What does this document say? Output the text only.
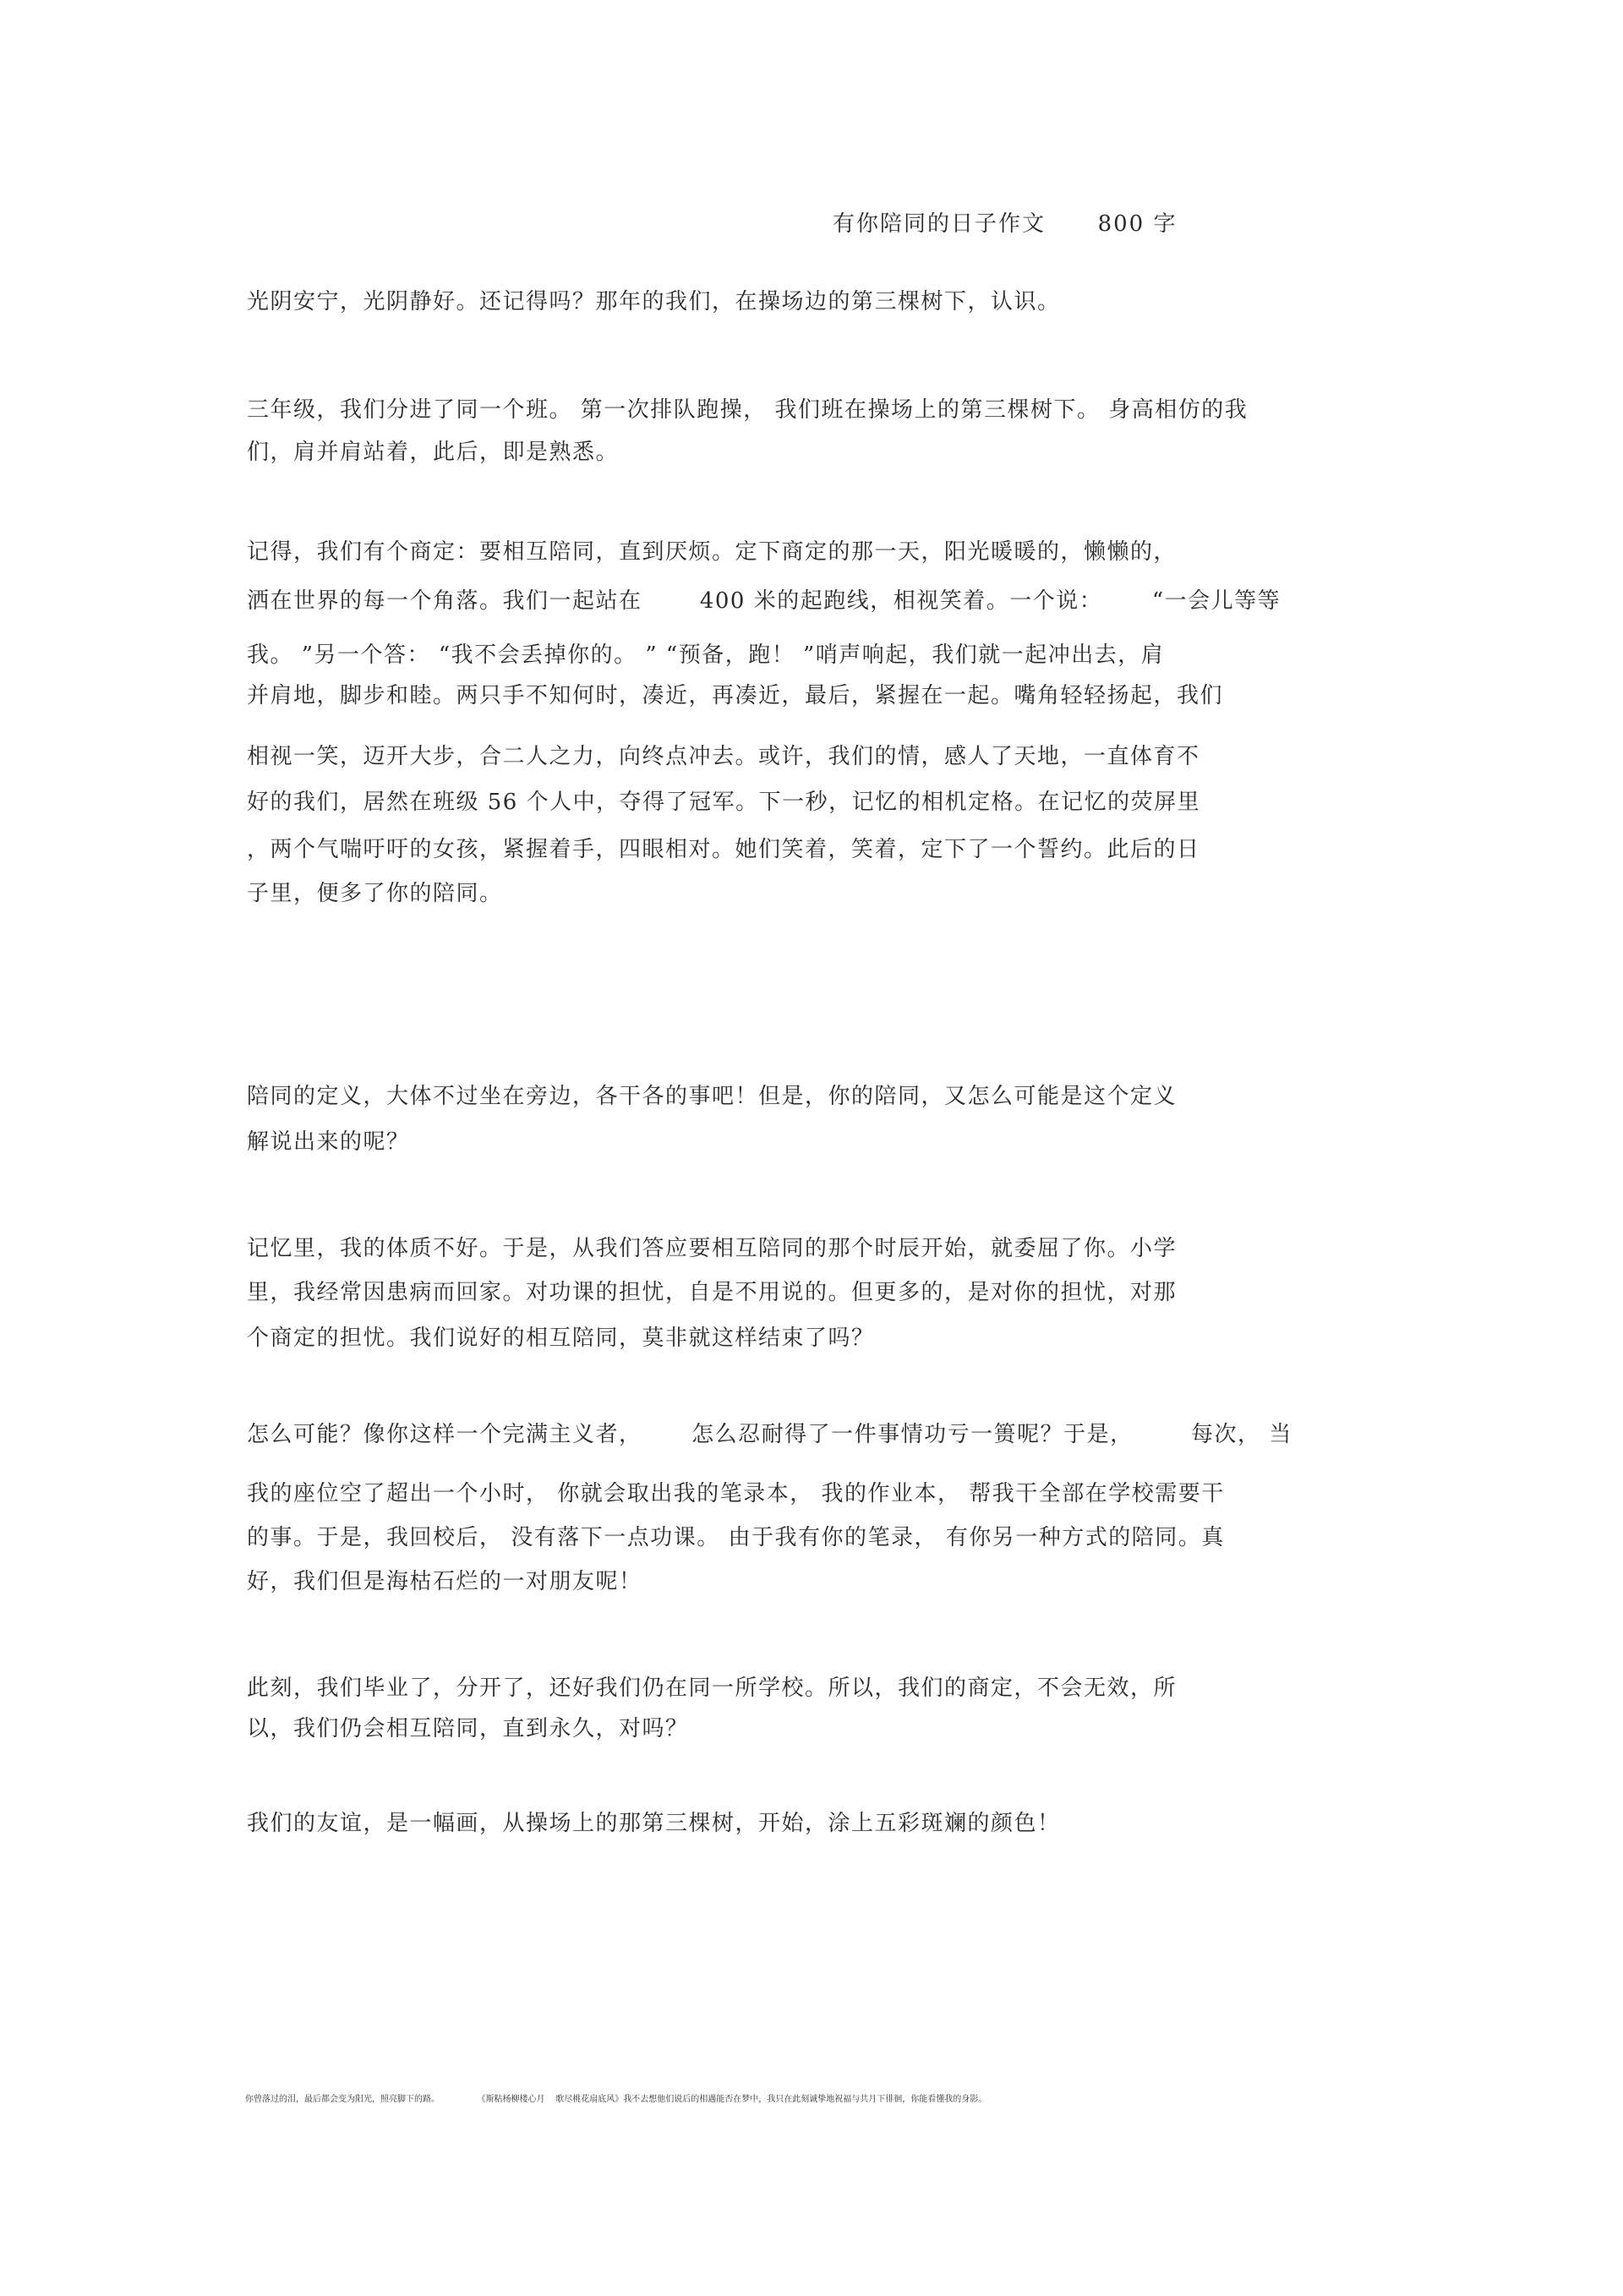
有你陪同的日子作文      800 字
光阴安宁，光阴静好。还记得吗？那年的我们，在操场边的第三棵树下，认识。
三年级，我们分进了同一个班。 第一次排队跑操， 我们班在操场上的第三棵树下。 身高相仿的我
们，肩并肩站着，此后，即是熟悉。
记得，我们有个商定：要相互陪同，直到厌烦。定下商定的那一天，阳光暖暖的，懒懒的，
洒在世界的每一个角落。我们一起站在       400 米的起跑线，相视笑着。一个说：      “一会儿等等
我。 ”另一个答： “我不会丢掉你的。 ” “预备，跑！ ”哨声响起，我们就一起冲出去，肩
并肩地，脚步和睦。两只手不知何时，凑近，再凑近，最后，紧握在一起。嘴角轻轻扬起，我们
相视一笑，迈开大步，合二人之力，向终点冲去。或许，我们的情，感人了天地，一直体育不
好的我们，居然在班级 56 个人中，夺得了冠军。下一秒，记忆的相机定格。在记忆的荧屏里
，两个气喘吁吁的女孩，紧握着手，四眼相对。她们笑着，笑着，定下了一个誓约。此后的日
子里，便多了你的陪同。
陪同的定义，大体不过坐在旁边，各干各的事吧！但是，你的陪同，又怎么可能是这个定义
解说出来的呢？
记忆里，我的体质不好。于是，从我们答应要相互陪同的那个时辰开始，就委屈了你。小学
里，我经常因患病而回家。对功课的担忧，自是不用说的。但更多的，是对你的担忧，对那
个商定的担忧。我们说好的相互陪同，莫非就这样结束了吗？
怎么可能？像你这样一个完满主义者，      怎么忍耐得了一件事情功亏一篑呢？于是，       每次， 当
我的座位空了超出一个小时， 你就会取出我的笔录本， 我的作业本， 帮我干全部在学校需要干
的事。于是，我回校后， 没有落下一点功课。 由于我有你的笔录， 有你另一种方式的陪同。真
好，我们但是海枯石烂的一对朋友呢！
此刻，我们毕业了，分开了，还好我们仍在同一所学校。所以，我们的商定，不会无效，所
以，我们仍会相互陪同，直到永久，对吗？
我们的友谊，是一幅画，从操场上的那第三棵树，开始，涂上五彩斑斓的颜色！
你曾落过的泪，最后都会变为阳光，照亮脚下的路。              《斯粘杨柳楼心月    歌尽桃花扇底风》我不去想他们说后的相遇能否在梦中，我只在此刻诚挚地祝福与共月下徘徊，你能看懂我的身影。
